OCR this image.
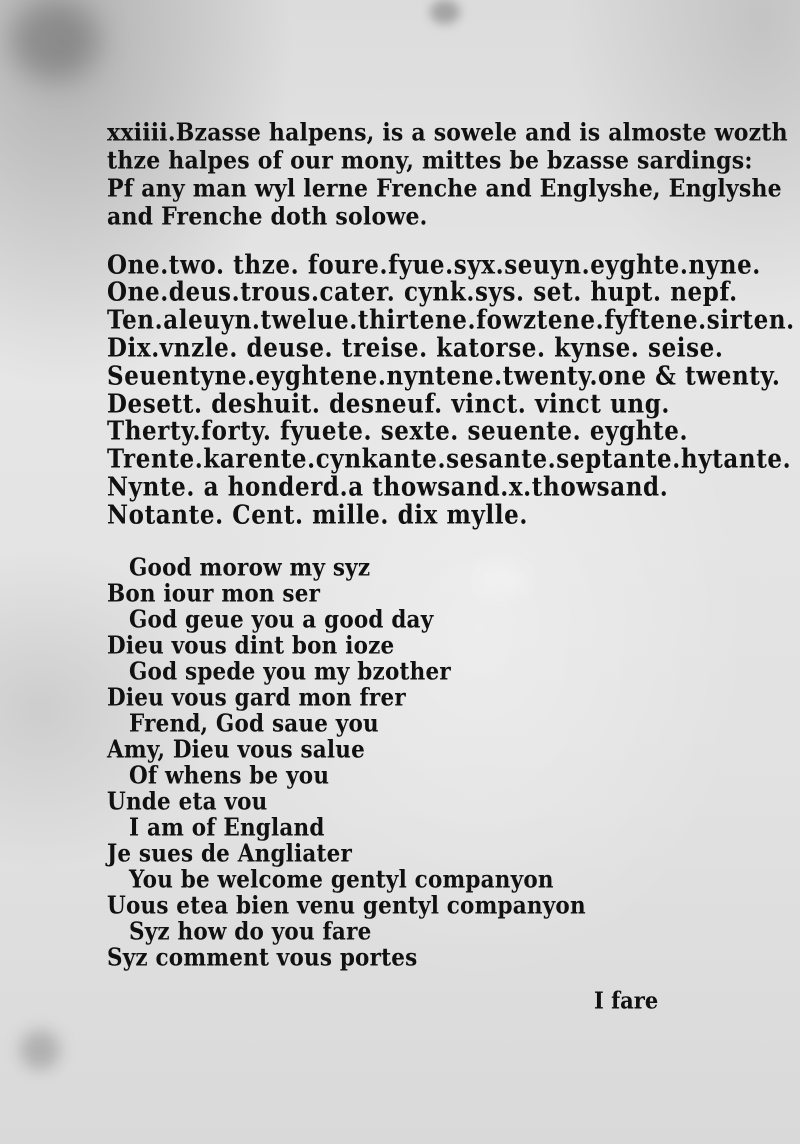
xxiiii.Bzasse halpens, is a sowele and is almoste wozth
thze halpes of our mony, mittes be bzasse sardings:
Pf any man wyl lerne Frenche and Englyshe, Englyshe
and Frenche doth solowe.
One.two. thze. foure.fyue.syx.seuyn.eyghte.nyne.
One.deus.trous.cater. cynk.sys. set. hupt. nepf.
Ten.aleuyn.twelue.thirtene.fowztene.fyftene.sirten.
Dix.vnzle. deuse. treise. katorse. kynse. seise.
Seuentyne.eyghtene.nyntene.twenty.one & twenty.
Desett. deshuit. desneuf. vinct. vinct ung.
Therty.forty. fyuete. sexte. seuente. eyghte.
Trente.karente.cynkante.sesante.septante.hytante.
Nynte. a honderd.a thowsand.x.thowsand.
Notante. Cent. mille. dix mylle.
Good morow my syz
Bon iour mon ser
God geue you a good day
Dieu vous dint bon ioze
God spede you my bzother
Dieu vous gard mon frer
Frend, God saue you
Amy, Dieu vous salue
Of whens be you
Unde eta vou
I am of England
Je sues de Angliater
You be welcome gentyl companyon
Uous etea bien venu gentyl companyon
Syz how do you fare
Syz comment vous portes
I fare
